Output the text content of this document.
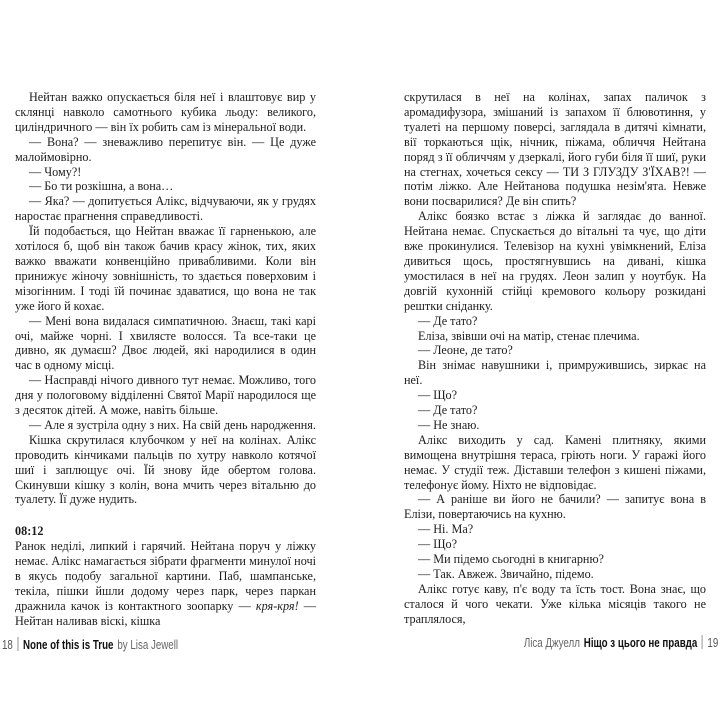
Нейтан важко опускається біля неї і влаштовує вир у склянці навколо самотнього кубика льоду: великого, циліндричного — він їх робить сам із мінеральної води.

— Вона? — зневажливо перепитує він. — Це дуже малоймовірно.

— Чому?!

— Бо ти розкішна, а вона…

— Яка? — допитується Алікс, відчуваючи, як у грудях наростає прагнення справедливості.

Їй подобається, що Нейтан вважає її гарненькою, але хотілося б, щоб він також бачив красу жінок, тих, яких важко вважати конвенційно привабливими. Коли він принижує жіночу зовнішність, то здається поверховим і мізогінним. І тоді їй починає здаватися, що вона не так уже його й кохає.

— Мені вона видалася симпатичною. Знаєш, такі карі очі, майже чорні. І хвилясте волосся. Та все-таки це дивно, як думаєш? Двоє людей, які народилися в один час в одному місці.

— Насправді нічого дивного тут немає. Можливо, того дня у пологовому відділенні Святої Марії народилося ще з десяток дітей. А може, навіть більше.

— Але я зустріла одну з них. На свій день народження.

Кішка скрутилася клубочком у неї на колінах. Алікс проводить кінчиками пальців по хутру навколо котячої шиї і заплющує очі. Їй знову йде обертом голова. Скинувши кішку з колін, вона мчить через вітальню до туалету. Її дуже нудить.

08:12

Ранок неділі, липкий і гарячий. Нейтана поруч у ліжку немає. Алікс намагається зібрати фрагменти минулої ночі в якусь подобу загальної картини. Паб, шампанське, текіла, пішки йшли додому через парк, через паркан дражнила качок із контактного зоопарку — кря-кря! — Нейтан наливав віскі, кішка

18 None of this is True by Lisa Jewell

скрутилася в неї на колінах, запах паличок з аромадифузора, змішаний із запахом її блювотиння, у туалеті на першому поверсі, заглядала в дитячі кімнати, вії торкаються щік, нічник, піжама, обличчя Нейтана поряд з її обличчям у дзеркалі, його губи біля її шиї, руки на стегнах, хочеться сексу — ТИ З ГЛУЗДУ З'ЇХАВ?! — потім ліжко. Але Нейтанова подушка незім'ята. Невже вони посварилися? Де він спить?

Алікс боязко встає з ліжка й заглядає до ванної. Нейтана немає. Спускається до вітальні та чує, що діти вже прокинулися. Телевізор на кухні увімкнений, Еліза дивиться щось, простягнувшись на дивані, кішка умостилася в неї на грудях. Леон залип у ноутбук. На довгій кухонній стійці кремового кольору розкидані рештки сніданку.

— Де тато?

Еліза, звівши очі на матір, стенає плечима.

— Леоне, де тато?

Він знімає навушники і, примружившись, зиркає на неї.

— Що?

— Де тато?

— Не знаю.

Алікс виходить у сад. Камені плитняку, якими вимощена внутрішня тераса, гріють ноги. У гаражі його немає. У студії теж. Діставши телефон з кишені піжами, телефонує йому. Ніхто не відповідає.

— А раніше ви його не бачили? — запитує вона в Елізи, повертаючись на кухню.

— Ні. Ма?

— Що?

— Ми підемо сьогодні в книгарню?

— Так. Авжеж. Звичайно, підемо.

Алікс готує каву, п'є воду та їсть тост. Вона знає, що сталося й чого чекати. Уже кілька місяців такого не траплялося,

Ліса Джуелл Ніщо з цього не правда 19
